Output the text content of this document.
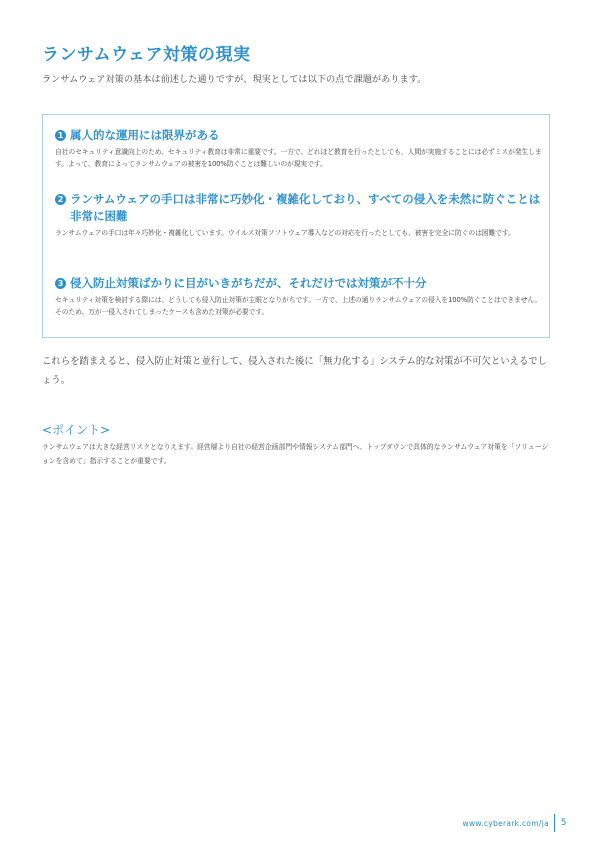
ランサムウェア対策の現実

ランサムウェア対策の基本は前述した通りですが、現実としては以下の点で課題があります。

1 属人的な運用には限界がある

自社のセキュリティ意識向上のため、セキュリティ教育は非常に重要です。一方で、どれほど教育を行ったとしても、人間が実施することには必ずミスが発生します。よって、教育によってランサムウェアの被害を100%防ぐことは難しいのが現実です。

2 ランサムウェアの手口は非常に巧妙化・複雑化しており、すべての侵入を未然に防ぐことは非常に困難

ランサムウェアの手口は年々巧妙化・複雑化しています。ウイルス対策ソフトウェア導入などの対応を行ったとしても、被害を完全に防ぐのは困難です。

3 侵入防止対策ばかりに目がいきがちだが、それだけでは対策が不十分

セキュリティ対策を検討する際には、どうしても侵入防止対策が主眼となりがちです。一方で、上述の通りランサムウェアの侵入を100%防ぐことはできません。そのため、万が一侵入されてしまったケースも含めた対策が必要です。

これらを踏まえると、侵入防止対策と並行して、侵入された後に「無力化する」システム的な対策が不可欠といえるでしょう。

<ポイント>

ランサムウェアは大きな経営リスクとなりえます。経営層より自社の経営企画部門や情報システム部門へ、トップダウンで具体的なランサムウェア対策を「ソリューションを含めて」指示することが重要です。

www.cyberark.com/ja 5
